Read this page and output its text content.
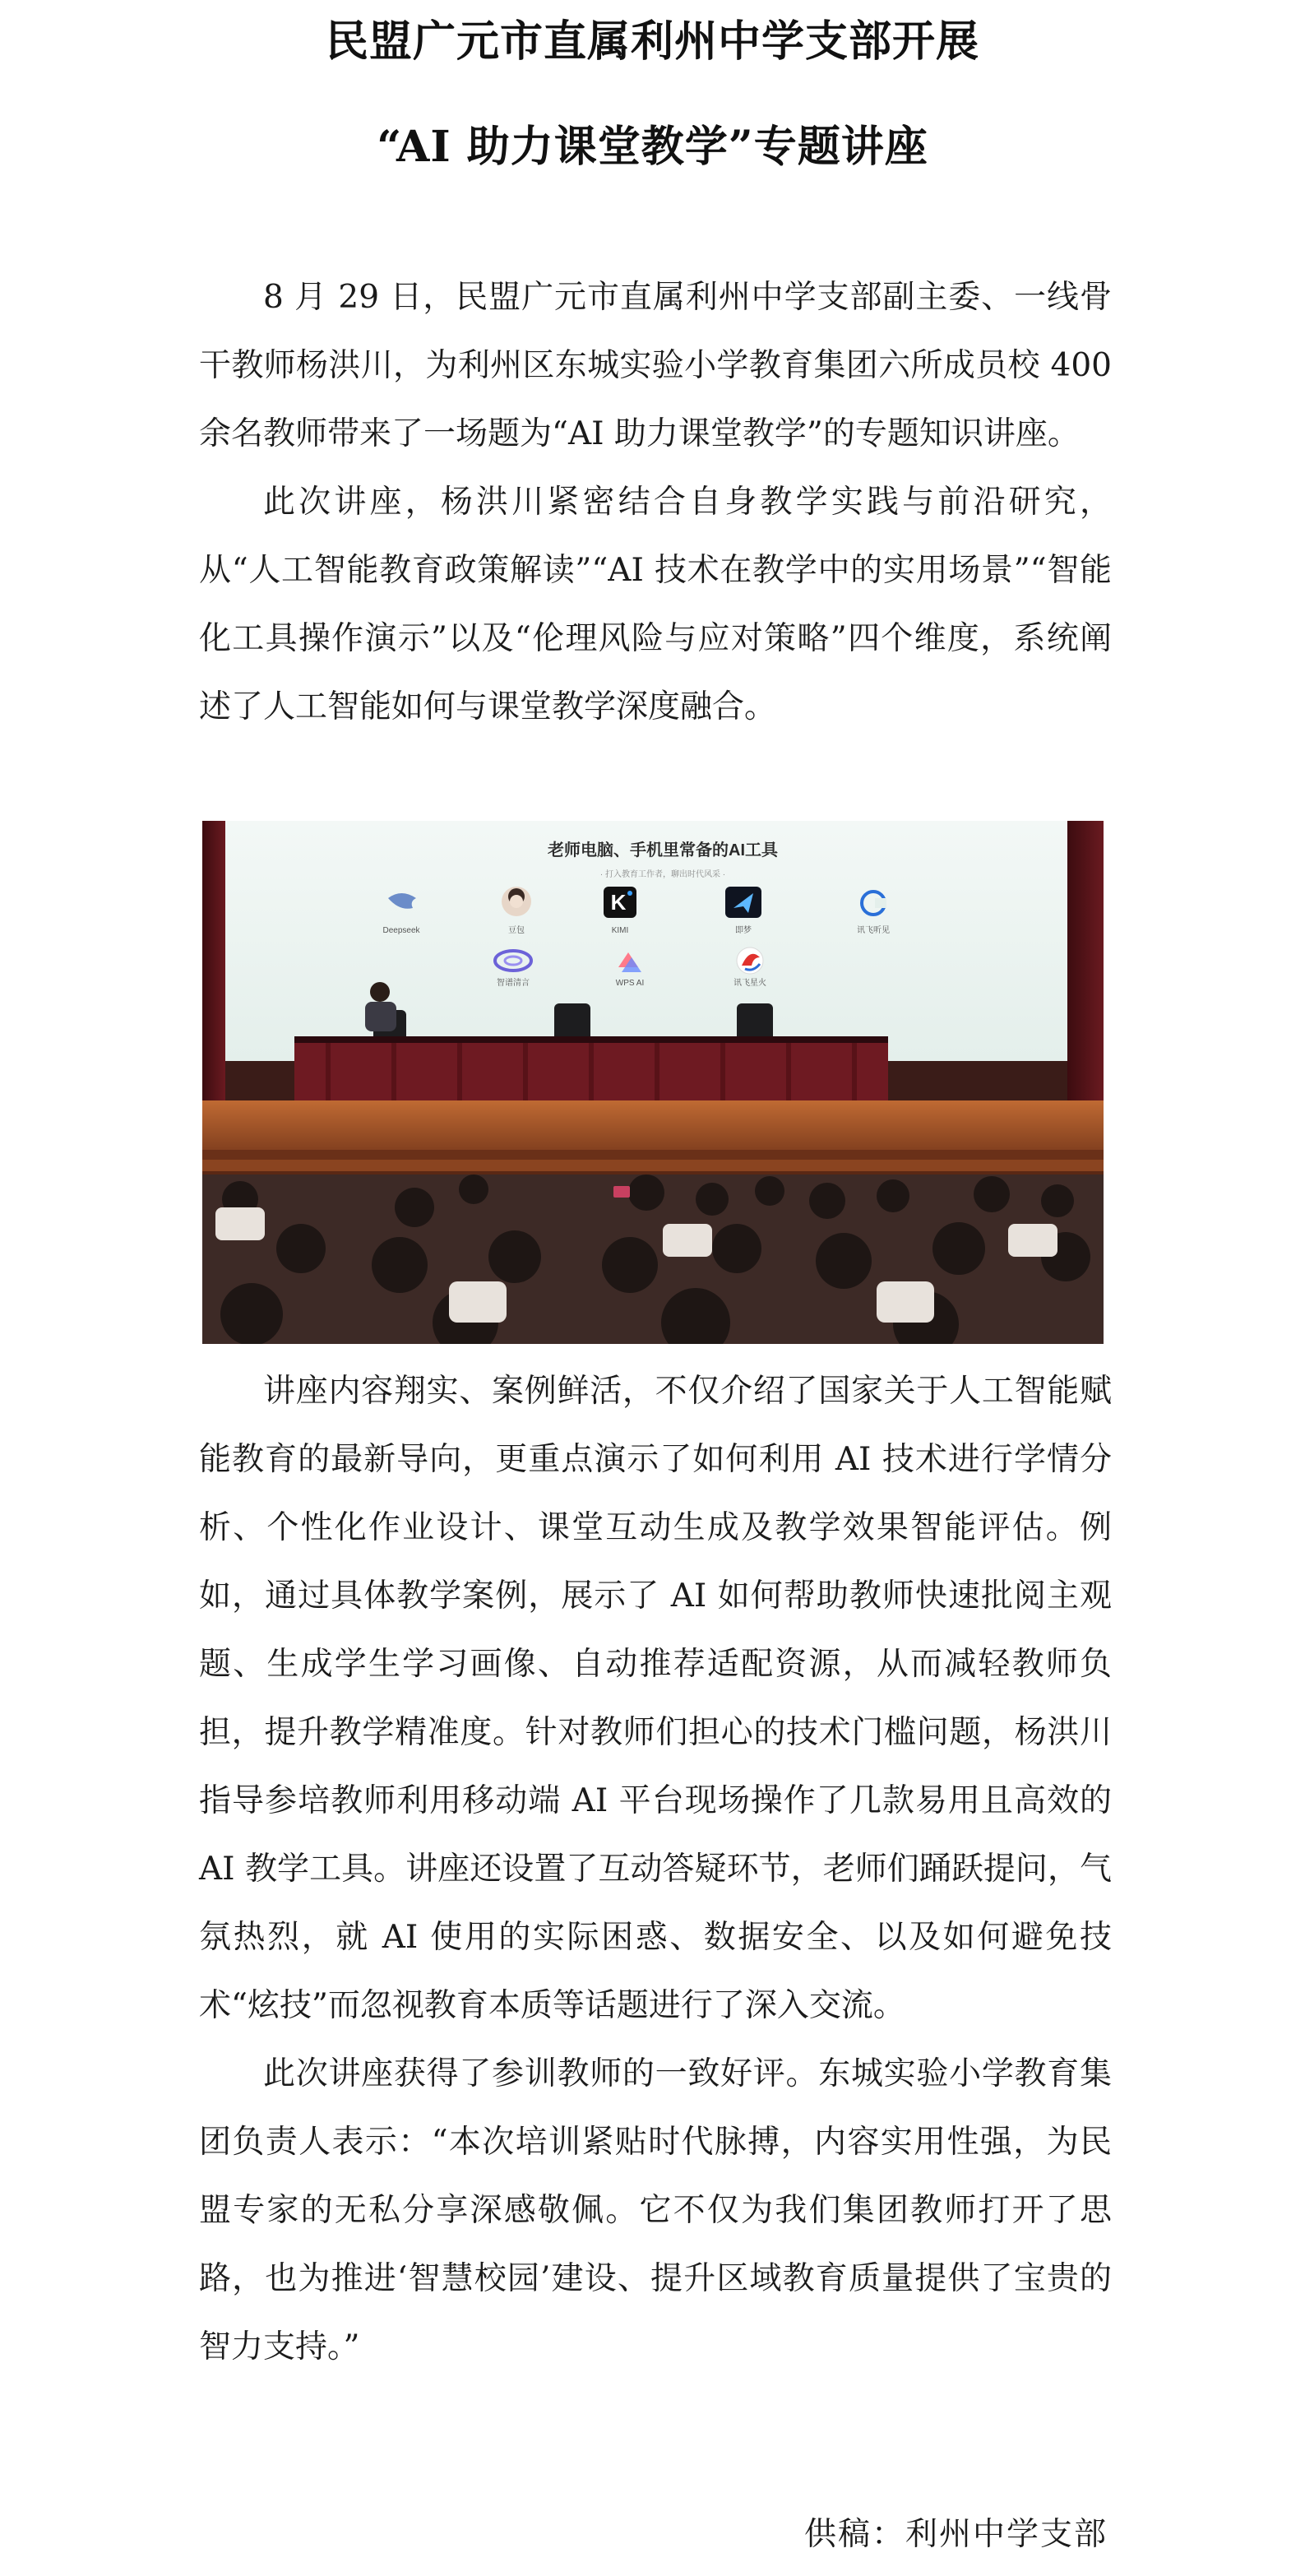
民盟广元市直属利州中学支部开展
“AI 助力课堂教学”专题讲座

8 月 29 日，民盟广元市直属利州中学支部副主委、一线骨干教师杨洪川，为利州区东城实验小学教育集团六所成员校 400 余名教师带来了一场题为“AI 助力课堂教学”的专题知识讲座。

此次讲座，杨洪川紧密结合自身教学实践与前沿研究，从“人工智能教育政策解读”“AI 技术在教学中的实用场景”“智能化工具操作演示”以及“伦理风险与应对策略”四个维度，系统阐述了人工智能如何与课堂教学深度融合。

老师电脑、手机里常备的AI工具
· 打入教育工作者，聊出时代风采 ·
Deepseek	豆包
K
KIMI	即梦	讯飞听见
智谱清言	WPS AI	讯飞星火

讲座内容翔实、案例鲜活，不仅介绍了国家关于人工智能赋能教育的最新导向，更重点演示了如何利用 AI 技术进行学情分析、个性化作业设计、课堂互动生成及教学效果智能评估。例如，通过具体教学案例，展示了 AI 如何帮助教师快速批阅主观题、生成学生学习画像、自动推荐适配资源，从而减轻教师负担，提升教学精准度。针对教师们担心的技术门槛问题，杨洪川指导参培教师利用移动端 AI 平台现场操作了几款易用且高效的 AI 教学工具。讲座还设置了互动答疑环节，老师们踊跃提问，气氛热烈，就 AI 使用的实际困惑、数据安全、以及如何避免技术“炫技”而忽视教育本质等话题进行了深入交流。

此次讲座获得了参训教师的一致好评。东城实验小学教育集团负责人表示：“本次培训紧贴时代脉搏，内容实用性强，为民盟专家的无私分享深感敬佩。它不仅为我们集团教师打开了思路，也为推进‘智慧校园’建设、提升区域教育质量提供了宝贵的智力支持。”

供稿：利州中学支部
